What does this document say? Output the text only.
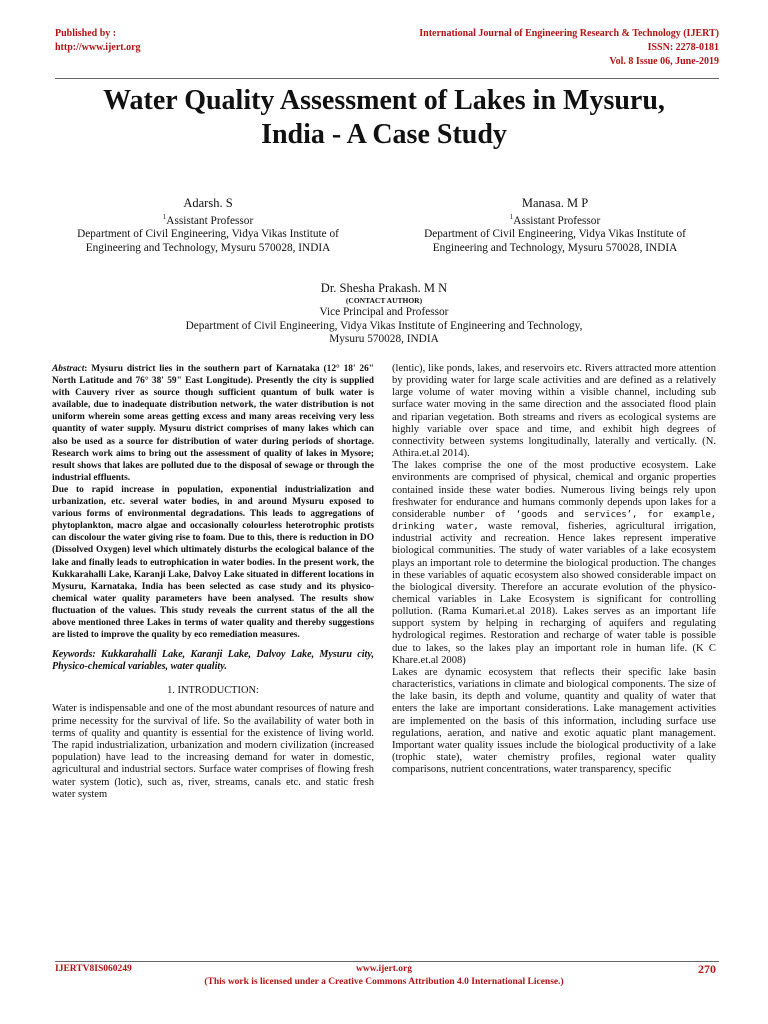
Published by :
http://www.ijert.org
International Journal of Engineering Research & Technology (IJERT)
ISSN: 2278-0181
Vol. 8 Issue 06, June-2019
Water Quality Assessment of Lakes in Mysuru,
India - A Case Study
Adarsh. S
$^1$Assistant Professor
Department of Civil Engineering, Vidya Vikas Institute of
Engineering and Technology, Mysuru 570028, INDIA
Manasa. M P
$^1$Assistant Professor
Department of Civil Engineering, Vidya Vikas Institute of
Engineering and Technology, Mysuru 570028, INDIA
Dr. Shesha Prakash. M N
(CONTACT AUTHOR)
Vice Principal and Professor
Department of Civil Engineering, Vidya Vikas Institute of Engineering and Technology,
Mysuru 570028, INDIA

Abstract: Mysuru district lies in the southern part of Karnataka (12° 18' 26" North Latitude and 76° 38' 59" East Longitude). Presently the city is supplied with Cauvery river as source though sufficient quantum of bulk water is available, due to inadequate distribution network, the water distribution is not uniform wherein some areas getting excess and many areas receiving very less quantity of water supply. Mysuru district comprises of many lakes which can also be used as a source for distribution of water during periods of shortage. Research work aims to bring out the assessment of quality of lakes in Mysore; result shows that lakes are polluted due to the disposal of sewage or through the industrial effluents.

Due to rapid increase in population, exponential industrialization and urbanization, etc. several water bodies, in and around Mysuru exposed to various forms of environmental degradations. This leads to aggregations of phytoplankton, macro algae and occasionally colourless heterotrophic protists can discolour the water giving rise to foam. Due to this, there is reduction in DO (Dissolved Oxygen) level which ultimately disturbs the ecological balance of the lake and finally leads to eutrophication in water bodies. In the present work, the Kukkarahalli Lake, Karanji Lake, Dalvoy Lake situated in different locations in Mysuru, Karnataka, India has been selected as case study and its physico-chemical water quality parameters have been analysed. The results show fluctuation of the values. This study reveals the current status of the all the above mentioned three Lakes in terms of water quality and thereby suggestions are listed to improve the quality by eco remediation measures.

Keywords: Kukkarahalli Lake, Karanji Lake, Dalvoy Lake, Mysuru city, Physico-chemical variables, water quality.

1. INTRODUCTION:

Water is indispensable and one of the most abundant resources of nature and prime necessity for the survival of life. So the availability of water both in terms of quality and quantity is essential for the existence of living world. The rapid industrialization, urbanization and modern civilization (increased population) have lead to the increasing demand for water in domestic, agricultural and industrial sectors. Surface water comprises of flowing fresh water system (lotic), such as, river, streams, canals etc. and static fresh water system

(lentic), like ponds, lakes, and reservoirs etc. Rivers attracted more attention by providing water for large scale activities and are defined as a relatively large volume of water moving within a visible channel, including sub surface water moving in the same direction and the associated flood plain and riparian vegetation. Both streams and rivers as ecological systems are highly variable over space and time, and exhibit high degrees of connectivity between systems longitudinally, laterally and vertically. (N. Athira.et.al 2014).

The lakes comprise the one of the most productive ecosystem. Lake environments are comprised of physical, chemical and organic properties contained inside these water bodies. Numerous living beings rely upon freshwater for endurance and humans commonly depends upon lakes for a considerable number of ‘goods and services’, for example, drinking water, waste removal, fisheries, agricultural irrigation, industrial activity and recreation. Hence lakes represent imperative biological communities. The study of water variables of a lake ecosystem plays an important role to determine the biological production. The changes in these variables of aquatic ecosystem also showed considerable impact on the biological diversity. Therefore an accurate evolution of the physico-chemical variables in Lake Ecosystem is significant for controlling pollution. (Rama Kumari.et.al 2018). Lakes serves as an important life support system by helping in recharging of aquifers and regulating hydrological regimes. Restoration and recharge of water table is possible due to lakes, so the lakes play an important role in human life. (K C Khare.et.al 2008)

Lakes are dynamic ecosystem that reflects their specific lake basin characteristics, variations in climate and biological components. The size of the lake basin, its depth and volume, quantity and quality of water that enters the lake are important considerations. Lake management activities are implemented on the basis of this information, including surface use regulations, aeration, and native and exotic aquatic plant management. Important water quality issues include the biological productivity of a lake (trophic state), water chemistry profiles, regional water quality comparisons, nutrient concentrations, water transparency, specific

IJERTV8IS060249	www.ijert.org	270
(This work is licensed under a Creative Commons Attribution 4.0 International License.)
